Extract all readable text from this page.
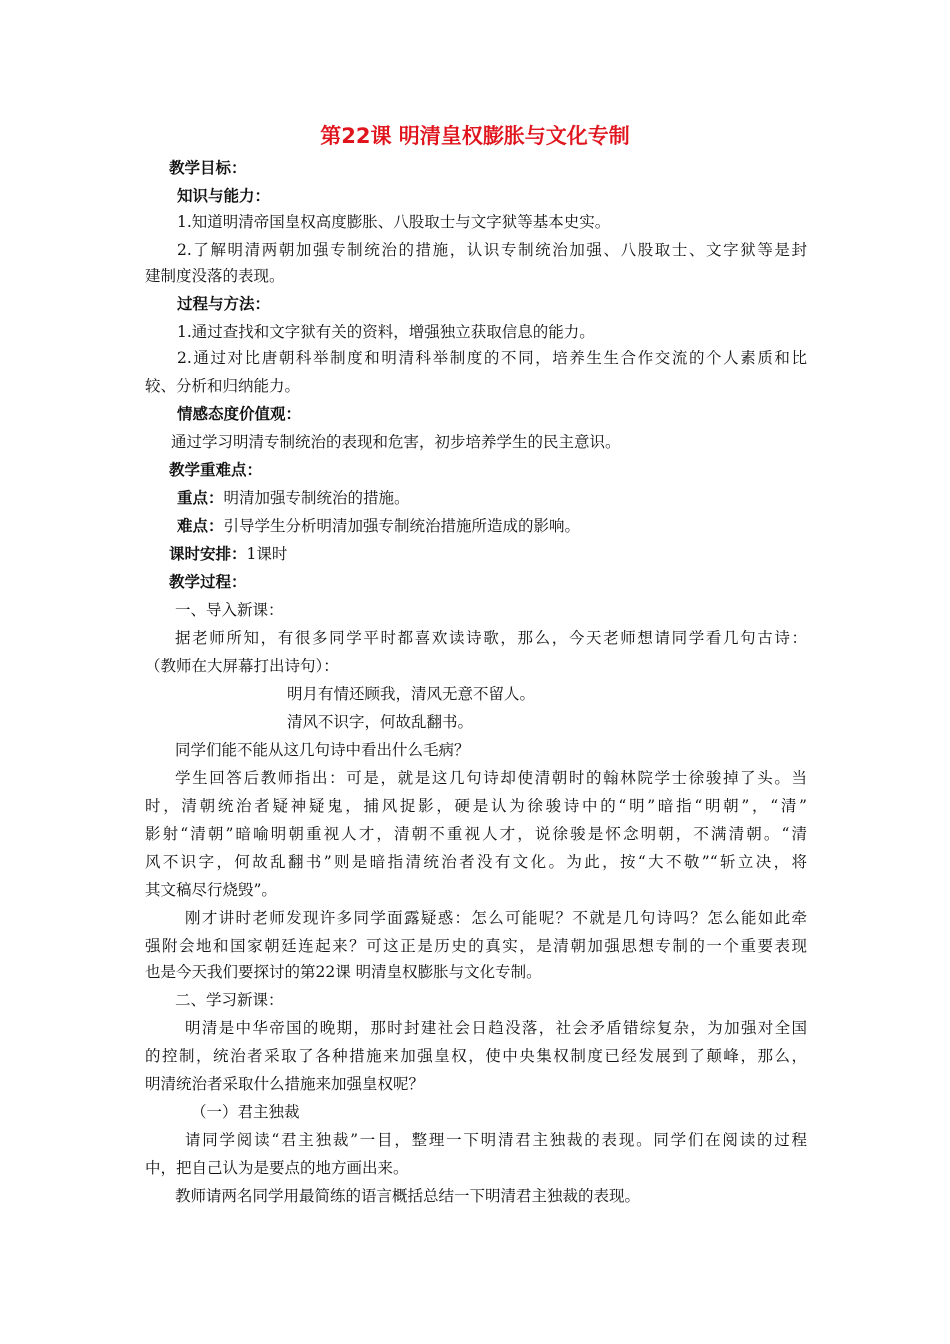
第22课 明清皇权膨胀与文化专制
教学目标：
知识与能力：
1.知道明清帝国皇权高度膨胀、八股取士与文字狱等基本史实。
2.了解明清两朝加强专制统治的措施，认识专制统治加强、八股取士、文字狱等是封
建制度没落的表现。
过程与方法：
1.通过查找和文字狱有关的资料，增强独立获取信息的能力。
2.通过对比唐朝科举制度和明清科举制度的不同，培养生生合作交流的个人素质和比
较、分析和归纳能力。
情感态度价值观：
通过学习明清专制统治的表现和危害，初步培养学生的民主意识。
教学重难点：
重点：明清加强专制统治的措施。
难点：引导学生分析明清加强专制统治措施所造成的影响。
课时安排：1课时
教学过程：
一、导入新课：
据老师所知，有很多同学平时都喜欢读诗歌，那么，今天老师想请同学看几句古诗：
（教师在大屏幕打出诗句）：
明月有情还顾我，清风无意不留人。
清风不识字，何故乱翻书。
同学们能不能从这几句诗中看出什么毛病？
学生回答后教师指出：可是，就是这几句诗却使清朝时的翰林院学士徐骏掉了头。当
时，清朝统治者疑神疑鬼，捕风捉影，硬是认为徐骏诗中的“明”暗指“明朝”，“清”
影射“清朝”暗喻明朝重视人才，清朝不重视人才，说徐骏是怀念明朝，不满清朝。“清
风不识字，何故乱翻书”则是暗指清统治者没有文化。为此，按“大不敬”“斩立决，将
其文稿尽行烧毁”。
刚才讲时老师发现许多同学面露疑惑：怎么可能呢？不就是几句诗吗？怎么能如此牵
强附会地和国家朝廷连起来？可这正是历史的真实，是清朝加强思想专制的一个重要表现
也是今天我们要探讨的第22课 明清皇权膨胀与文化专制。
二、学习新课：
明清是中华帝国的晚期，那时封建社会日趋没落，社会矛盾错综复杂，为加强对全国
的控制，统治者采取了各种措施来加强皇权，使中央集权制度已经发展到了颠峰，那么，
明清统治者采取什么措施来加强皇权呢？
（一）君主独裁
请同学阅读“君主独裁”一目，整理一下明清君主独裁的表现。同学们在阅读的过程
中，把自己认为是要点的地方画出来。
教师请两名同学用最简练的语言概括总结一下明清君主独裁的表现。
